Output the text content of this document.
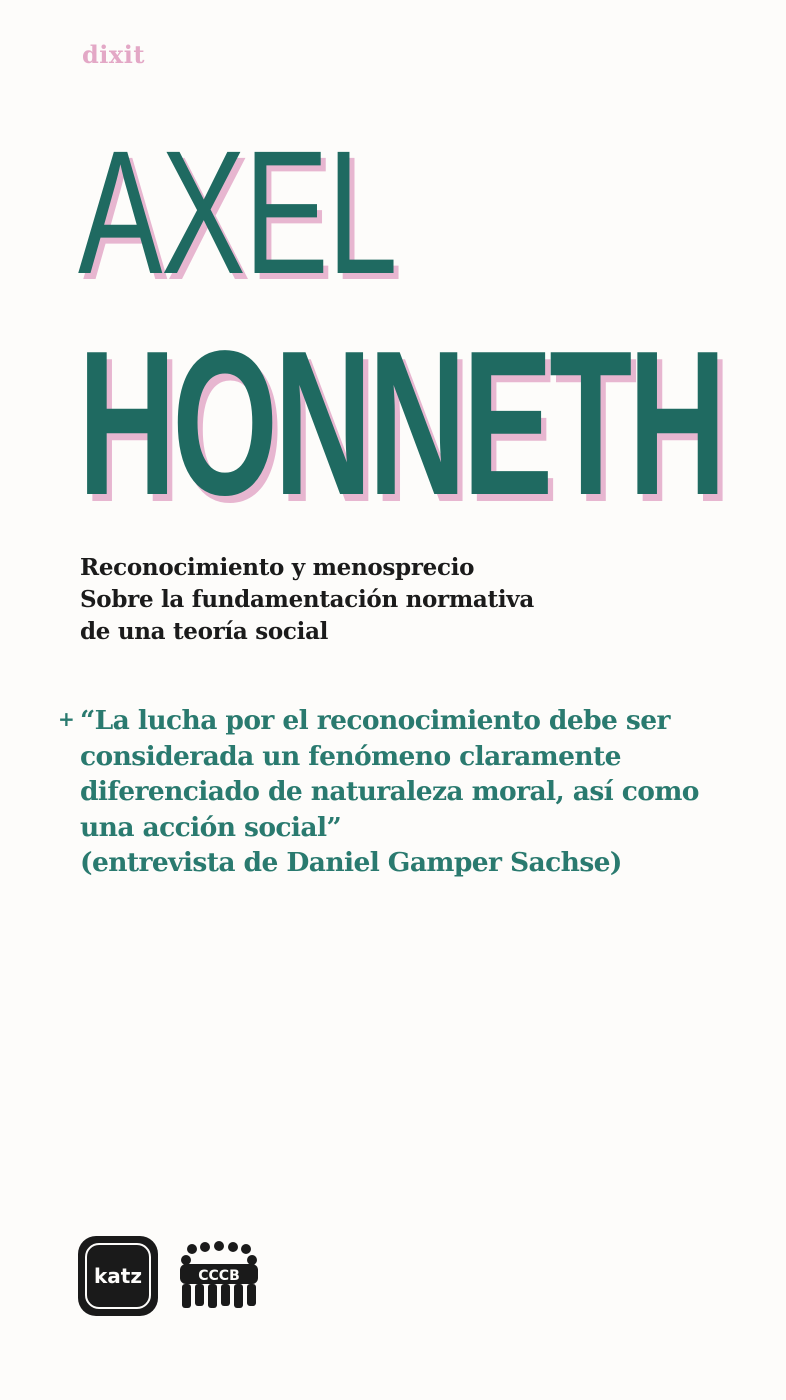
dixit
AXEL
HONNETH
Reconocimiento y menosprecio
Sobre la fundamentación normativa
de una teoría social
+ “La lucha por el reconocimiento debe ser
considerada un fenómeno claramente
diferenciado de naturaleza moral, así como
una acción social”
(entrevista de Daniel Gamper Sachse)
katz	CCCB
